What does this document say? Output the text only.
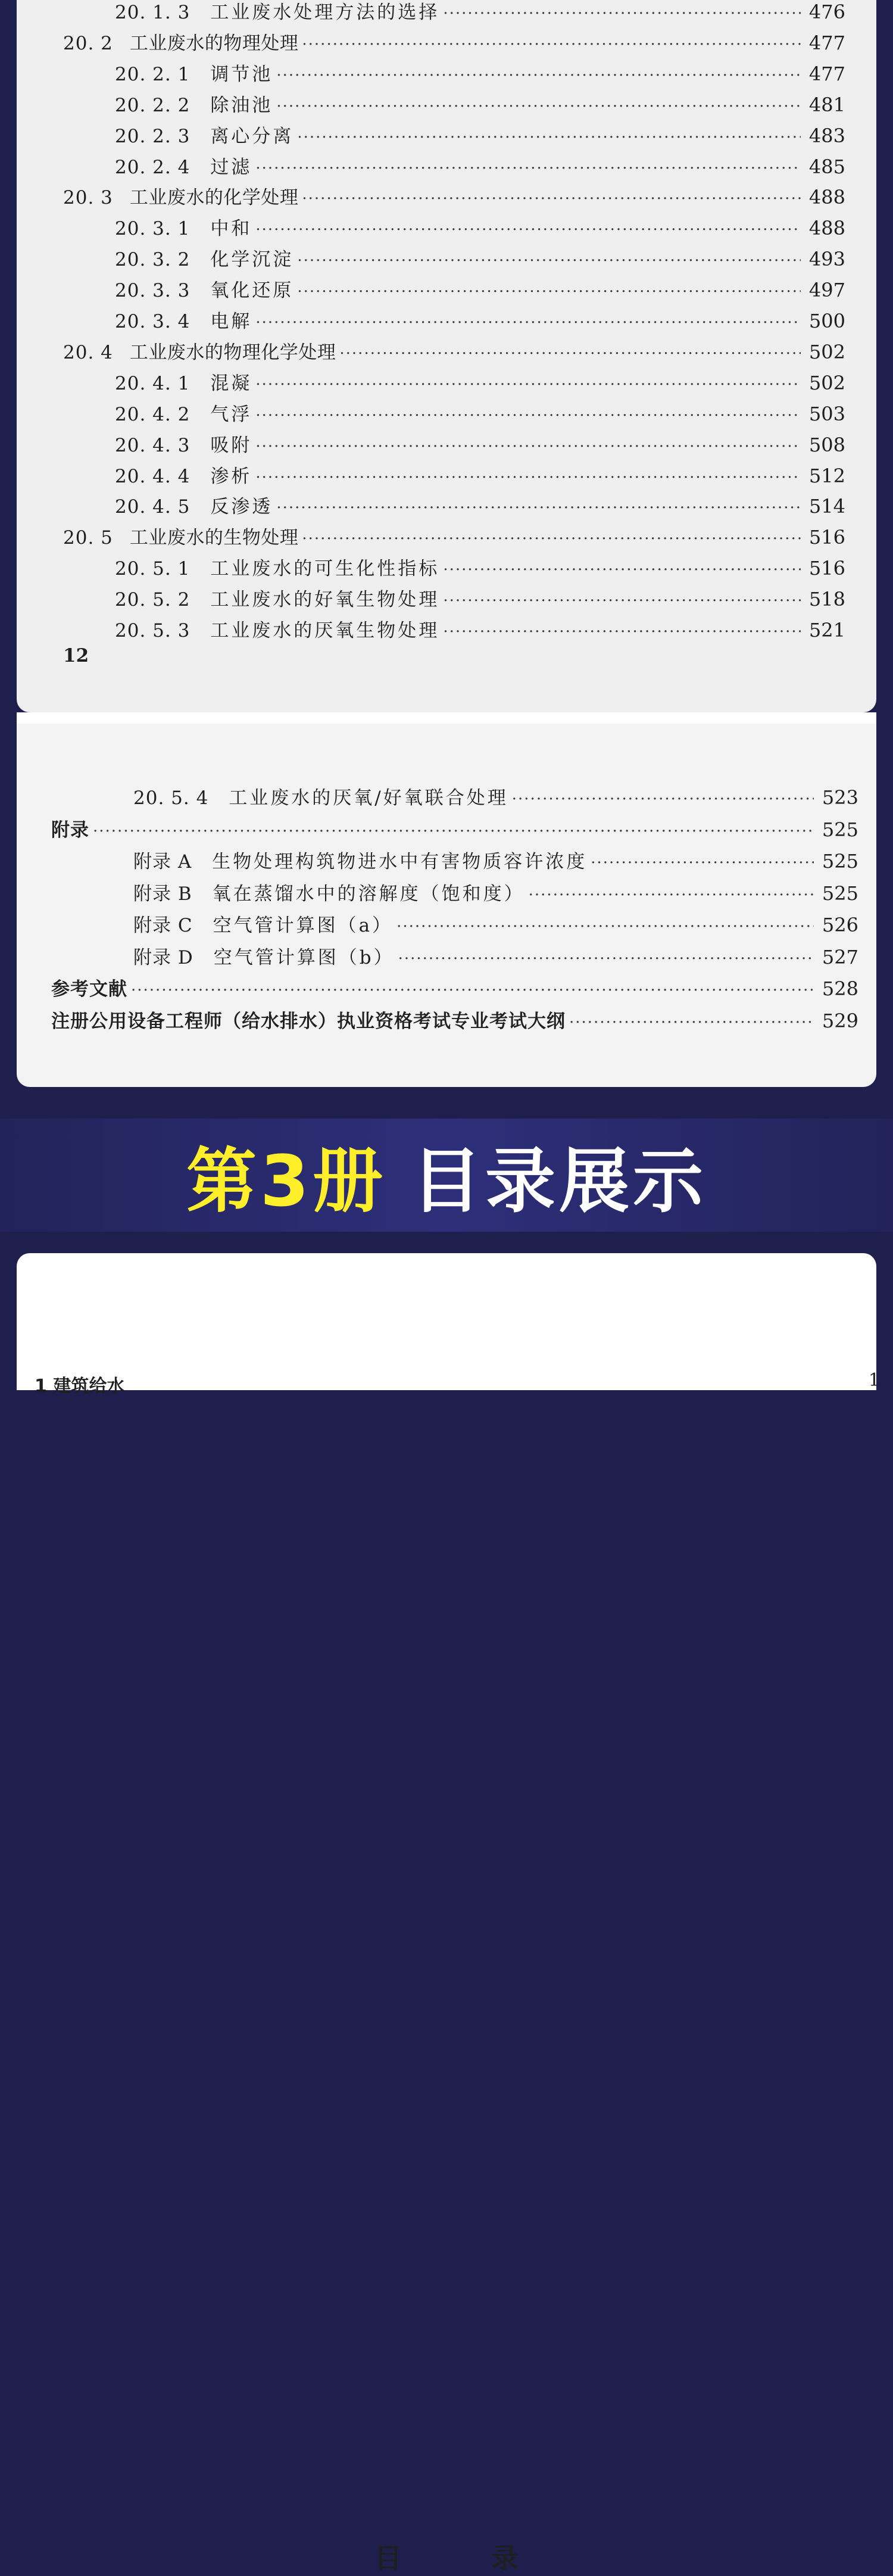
20. 1. 3 工业废水处理方法的选择 ·····	476
20. 2 工业废水的物理处理 ·····	477
20. 2. 1 调节池 ·····	477
20. 2. 2 除油池 ·····	481
20. 2. 3 离心分离 ·····	483
20. 2. 4 过滤 ·····	485
20. 3 工业废水的化学处理 ·····	488
20. 3. 1 中和 ·····	488
20. 3. 2 化学沉淀 ·····	493
20. 3. 3 氧化还原 ·····	497
20. 3. 4 电解 ·····	500
20. 4 工业废水的物理化学处理 ·····	502
20. 4. 1 混凝 ·····	502
20. 4. 2 气浮 ·····	503
20. 4. 3 吸附 ·····	508
20. 4. 4 渗析 ·····	512
20. 4. 5 反渗透 ·····	514
20. 5 工业废水的生物处理 ·····	516
20. 5. 1 工业废水的可生化性指标 ·····	516
20. 5. 2 工业废水的好氧生物处理 ·····	518
20. 5. 3 工业废水的厌氧生物处理 ·····	521
12
20. 5. 4 工业废水的厌氧/好氧联合处理 ·····	523
附录 ·····	525
附录 A 生物处理构筑物进水中有害物质容许浓度 ·····	525
附录 B 氧在蒸馏水中的溶解度（饱和度） ·····	525
附录 C 空气管计算图（a） ·····	526
附录 D 空气管计算图（b） ·····	527
参考文献 ·····	528
注册公用设备工程师（给水排水）执业资格考试专业考试大纲 ·····	529
第3册 目录展示
目录
1 建筑给水	1
